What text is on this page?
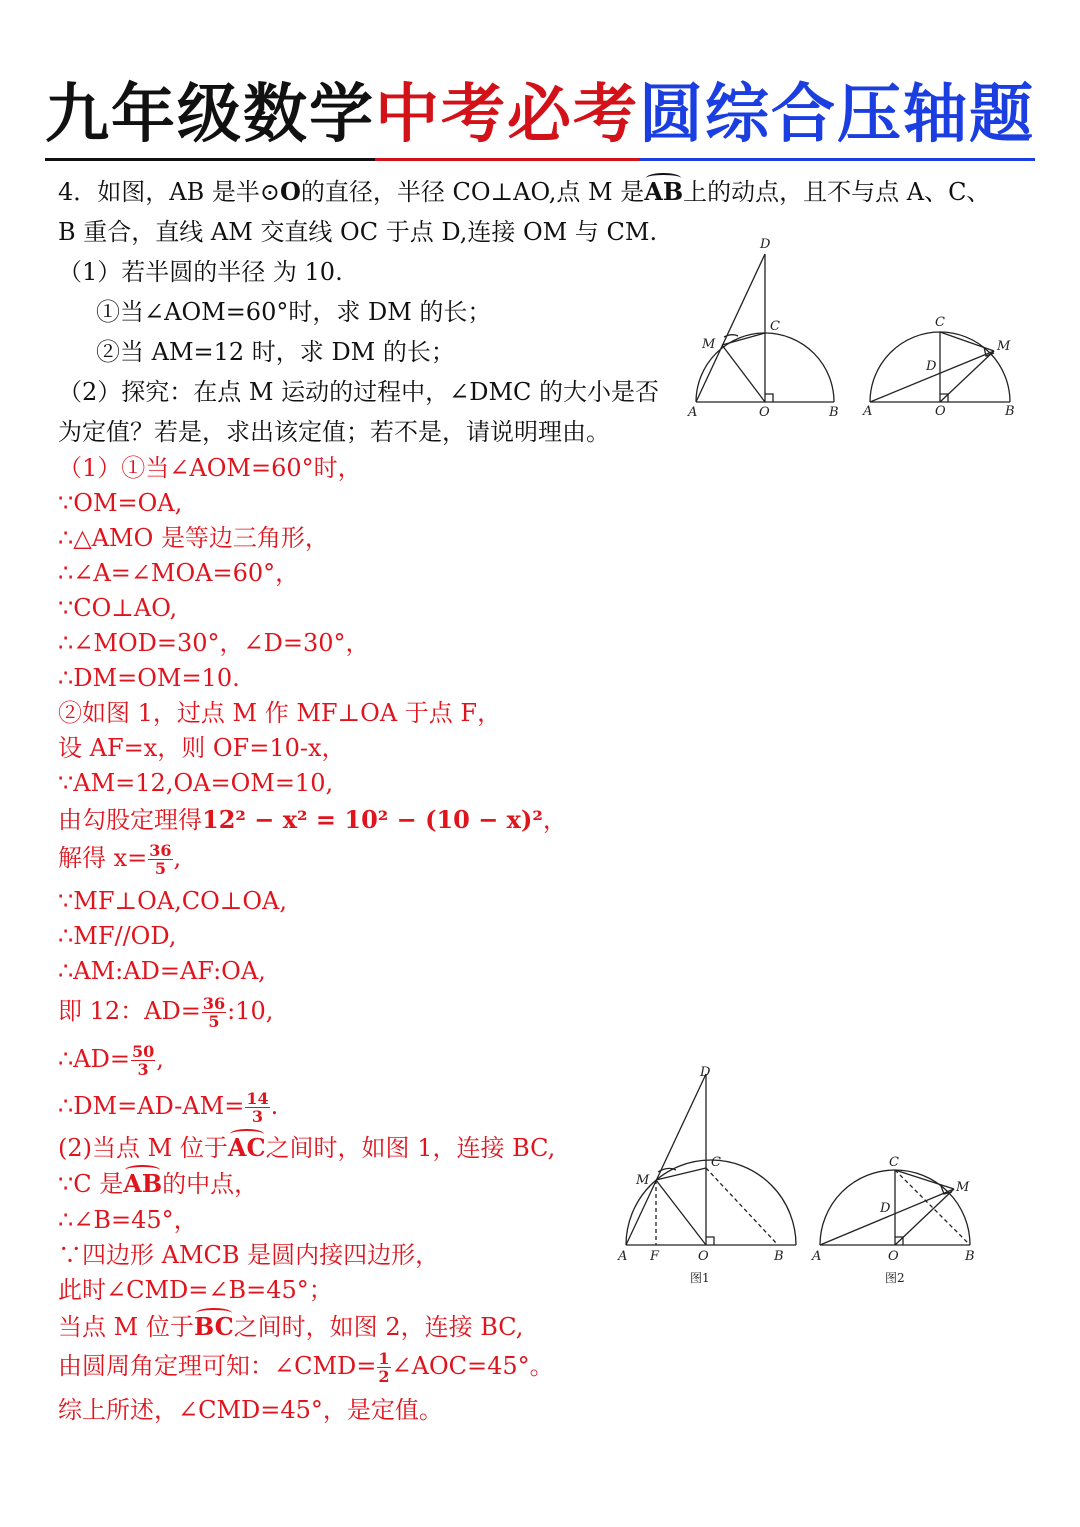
九年级数学中考必考圆综合压轴题
4．如图，AB 是半⊙O的直径，半径 CO⊥AO,点 M 是AB上的动点，且不与点 A、C、
B 重合，直线 AM 交直线 OC 于点 D,连接 OM 与 CM.
（1）若半圆的半径 为 10.
①当∠AOM=60°时，求 DM 的长；
②当 AM=12 时，求 DM 的长；
（2）探究：在点 M 运动的过程中，∠DMC 的大小是否
为定值？若是，求出该定值；若不是，请说明理由。
（1）①当∠AOM=60°时，
∵OM=OA,
∴△AMO 是等边三角形，
∴∠A=∠MOA=60°，
∵CO⊥AO,
∴∠MOD=30°，∠D=30°，
∴DM=OM=10.
②如图 1，过点 M 作 MF⊥OA 于点 F，
设 AF=x，则 OF=10-x，
∵AM=12,OA=OM=10,
由勾股定理得12² − x² = 10² − (10 − x)²，
解得 $x= \frac{36}{5}$ ,
∵MF⊥OA,CO⊥OA,
∴MF//OD,
∴AM:AD=AF:OA,
即 12：$AD= \frac{36}{5}$ :10,
∴AD= $\frac{50}{3}$ ,
∴DM=AD-AM= $\frac{14}{3}$ .
(2)当点 M 位于AC之间时，如图 1，连接 BC,
∵C 是AB的中点，
∴∠B=45°，
∵四边形 AMCB 是圆内接四边形，
此时∠CMD=∠B=45°；
当点 M 位于BC之间时，如图 2，连接 BC,
由圆周角定理可知：∠CMD= $\frac{1}{2}$ ∠AOC=45°。
综上所述，∠CMD=45°，是定值。
D
M
C
A	O	B
C
M
D
A	O	B
D
M
C
A F	O	B
图1
C
M
D
A	O	B
图2
